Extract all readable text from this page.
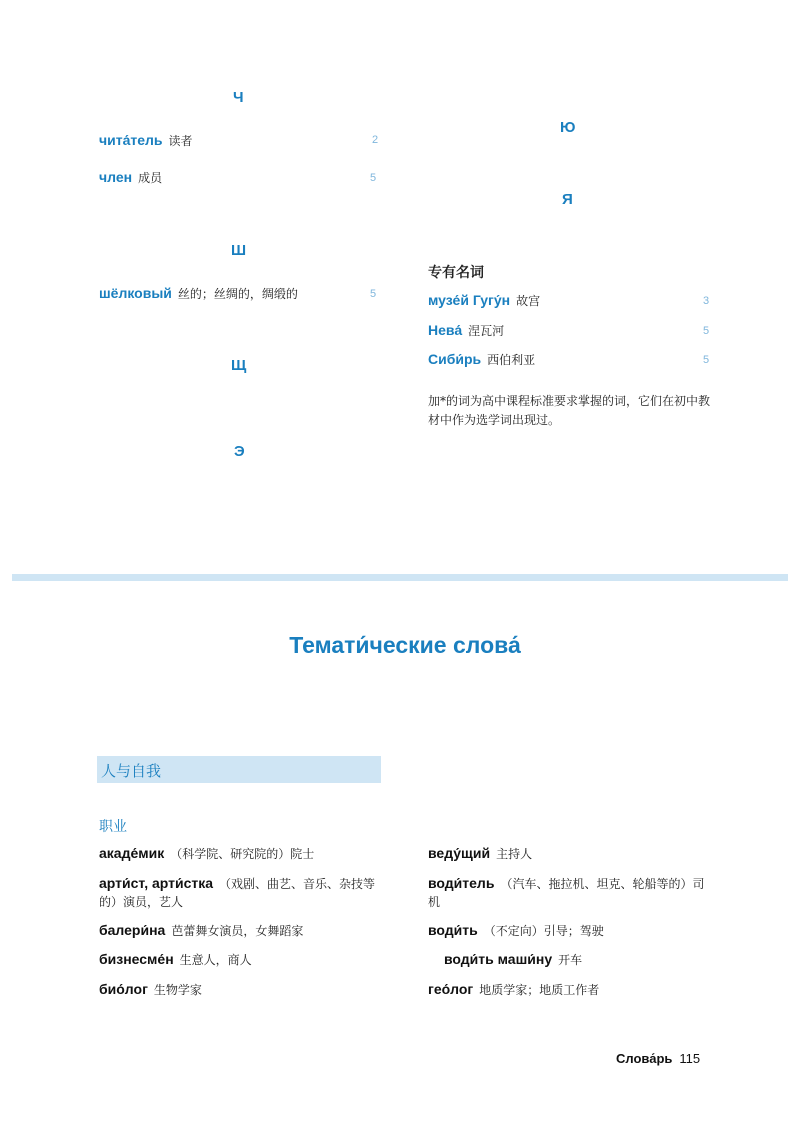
Ч
чита́тель 读者	2
член 成员	5
Ш
шёлковый 丝的；丝绸的，绸缎的	5
Щ
Э
Ю
Я
专有名词
музе́й Гугу́н 故宫	3
Нева́ 涅瓦河	5
Сиби́рь 西伯利亚	5
加*的词为高中课程标准要求掌握的词，它们在初中教材中作为选学词出现过。
Темати́ческие слова́
人与自我
职业
акаде́мик （科学院、研究院的）院士
арти́ст, арти́стка （戏剧、曲艺、音乐、杂技等的）演员，艺人
балери́на 芭蕾舞女演员，女舞蹈家
бизнесме́н 生意人，商人
био́лог 生物学家
веду́щий 主持人
води́тель （汽车、拖拉机、坦克、轮船等的）司机
води́ть （不定向）引导；驾驶
води́ть маши́ну 开车
гео́лог 地质学家；地质工作者
Слова́рь 115
